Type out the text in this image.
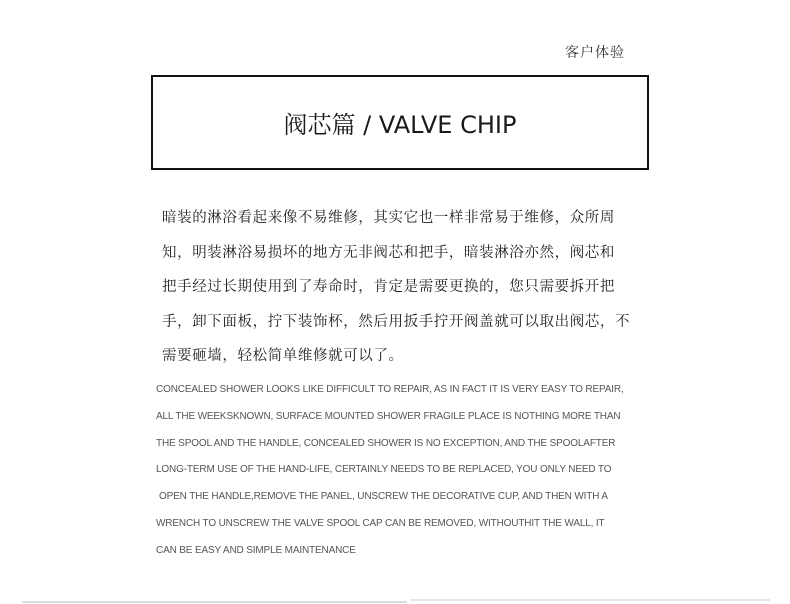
客户体验
阀芯篇 / VALVE CHIP
暗装的淋浴看起来像不易维修，其实它也一样非常易于维修，众所周
知，明装淋浴易损坏的地方无非阀芯和把手，暗装淋浴亦然，阀芯和
把手经过长期使用到了寿命时，肯定是需要更换的，您只需要拆开把
手，卸下面板，拧下装饰杯，然后用扳手拧开阀盖就可以取出阀芯，不
需要砸墙，轻松简单维修就可以了。
CONCEALED SHOWER LOOKS LIKE DIFFICULT TO REPAIR, AS IN FACT IT IS VERY EASY TO REPAIR,
ALL THE WEEKSKNOWN, SURFACE MOUNTED SHOWER FRAGILE PLACE IS NOTHING MORE THAN
THE SPOOL AND THE HANDLE, CONCEALED SHOWER IS NO EXCEPTION, AND THE SPOOLAFTER
LONG-TERM USE OF THE HAND-LIFE, CERTAINLY NEEDS TO BE REPLACED, YOU ONLY NEED TO
OPEN THE HANDLE,REMOVE THE PANEL, UNSCREW THE DECORATIVE CUP, AND THEN WITH A
WRENCH TO UNSCREW THE VALVE SPOOL CAP CAN BE REMOVED, WITHOUTHIT THE WALL, IT
CAN BE EASY AND SIMPLE MAINTENANCE
